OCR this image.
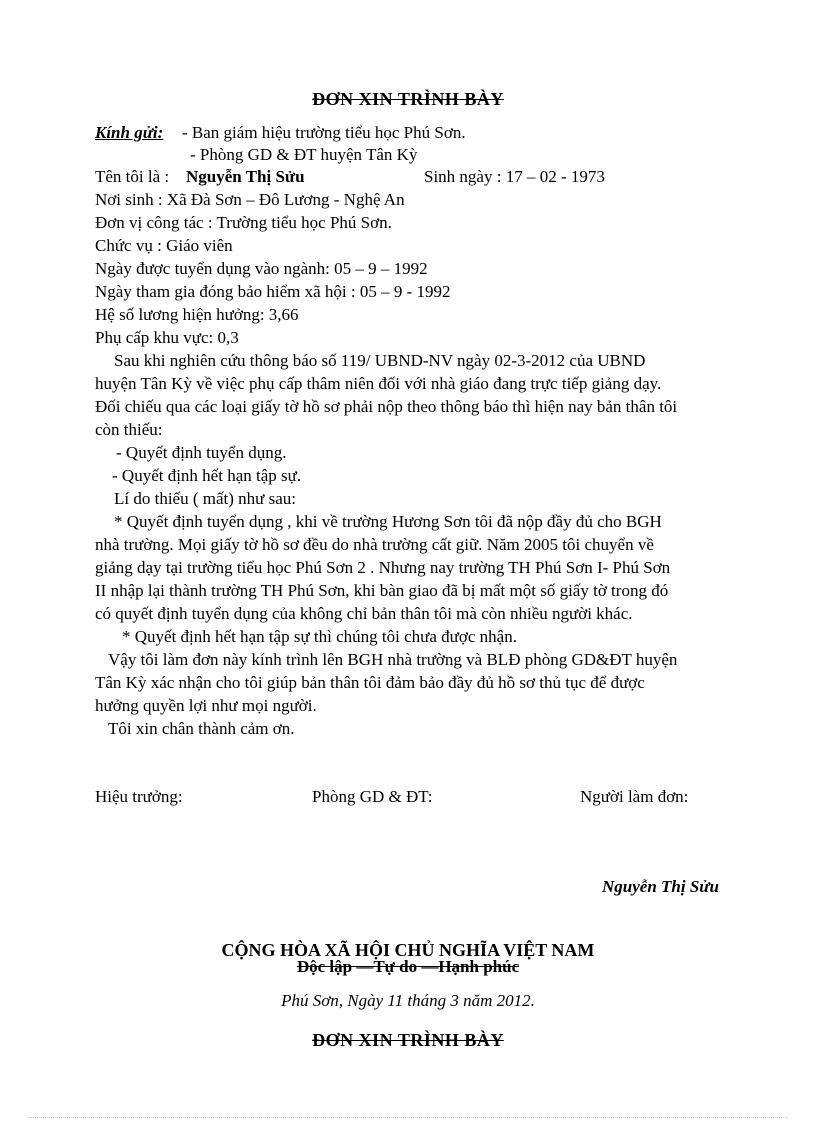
ĐƠN XIN TRÌNH BÀY
Kính gửi: - Ban giám hiệu trường tiểu học Phú Sơn.
- Phòng GD & ĐT huyện Tân Kỳ
Tên tôi là : Nguyễn Thị Sửu	Sinh ngày : 17 – 02 - 1973
Nơi sinh : Xã Đà Sơn – Đô Lương - Nghệ An
Đơn vị công tác : Trường tiểu học Phú Sơn.
Chức vụ : Giáo viên
Ngày được tuyển dụng vào ngành: 05 – 9 – 1992
Ngày tham gia đóng bảo hiểm xã hội : 05 – 9 - 1992
Hệ số lương hiện hưởng: 3,66
Phụ cấp khu vực: 0,3
Sau khi nghiên cứu thông báo số 119/ UBND-NV ngày 02-3-2012 của UBND
huyện Tân Kỳ về việc phụ cấp thâm niên đối với nhà giáo đang trực tiếp giảng dạy.
Đối chiếu qua các loại giấy tờ hồ sơ phải nộp theo thông báo thì hiện nay bản thân tôi
còn thiếu:
- Quyết định tuyển dụng.
- Quyết định hết hạn tập sự.
Lí do thiếu ( mất) như sau:
* Quyết định tuyển dụng , khi về trường Hương Sơn tôi đã nộp đầy đủ cho BGH
nhà trường. Mọi giấy tờ hồ sơ đều do nhà trường cất giữ. Năm 2005 tôi chuyển về
giảng dạy tại trường tiểu học Phú Sơn 2 . Nhưng nay trường TH Phú Sơn I- Phú Sơn
II nhập lại thành trường TH Phú Sơn, khi bàn giao đã bị mất một số giấy tờ trong đó
có quyết định tuyển dụng của không chỉ bản thân tôi mà còn nhiều người khác.
* Quyết định hết hạn tập sự thì chúng tôi chưa được nhận.
Vậy tôi làm đơn này kính trình lên BGH nhà trường và BLĐ phòng GD&ĐT huyện
Tân Kỳ xác nhận cho tôi giúp bản thân tôi đảm bảo đầy đủ hồ sơ thủ tục để được
hưởng quyền lợi như mọi người.
Tôi xin chân thành cảm ơn.
Hiệu trưởng:	Phòng GD & ĐT:	Người làm đơn:
Nguyễn Thị Sửu
CỘNG HÒA XÃ HỘI CHỦ NGHĨA VIỆT NAM
Độc lập —Tự do —Hạnh phúc
Phú Sơn, Ngày 11 tháng 3 năm 2012.
ĐƠN XIN TRÌNH BÀY
